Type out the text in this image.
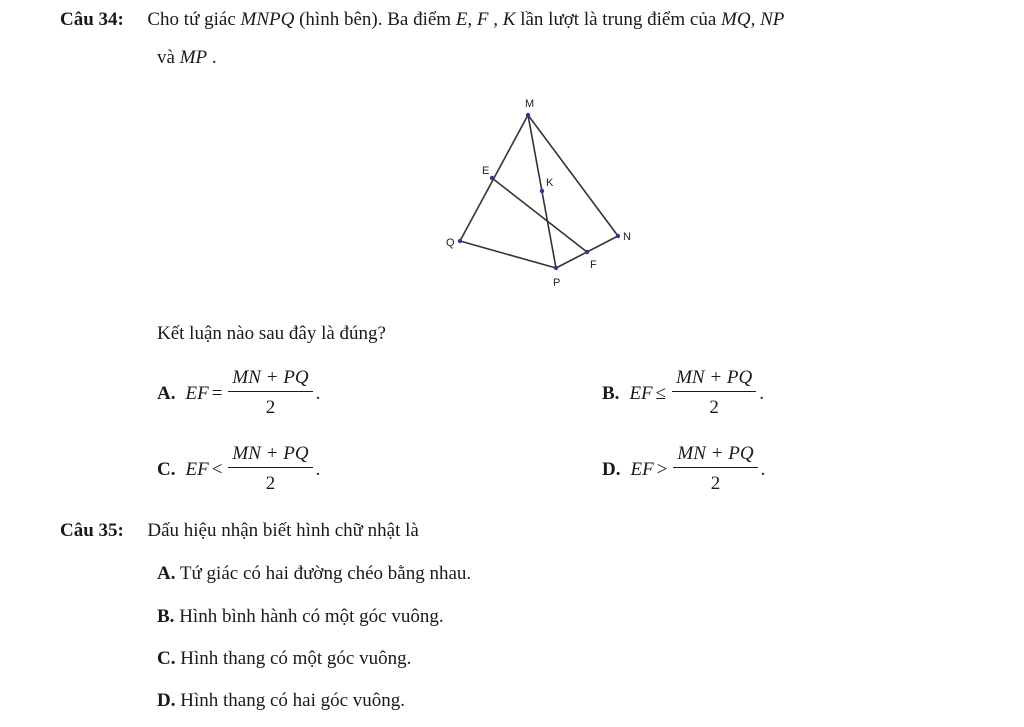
Câu 34: Cho tứ giác MNPQ (hình bên). Ba điểm E, F , K lần lượt là trung điểm của MQ, NP
và MP .
M
N
P
Q
E
F
K
Kết luận nào sau đây là đúng?
A. EF = $\frac{MN + PQ}{2}$ .	B. EF ≤ $\frac{MN + PQ}{2}$ .
C. EF < $\frac{MN + PQ}{2}$ .	D. EF > $\frac{MN + PQ}{2}$ .
Câu 35: Dấu hiệu nhận biết hình chữ nhật là
A. Tứ giác có hai đường chéo bằng nhau.
B. Hình bình hành có một góc vuông.
C. Hình thang có một góc vuông.
D. Hình thang có hai góc vuông.
